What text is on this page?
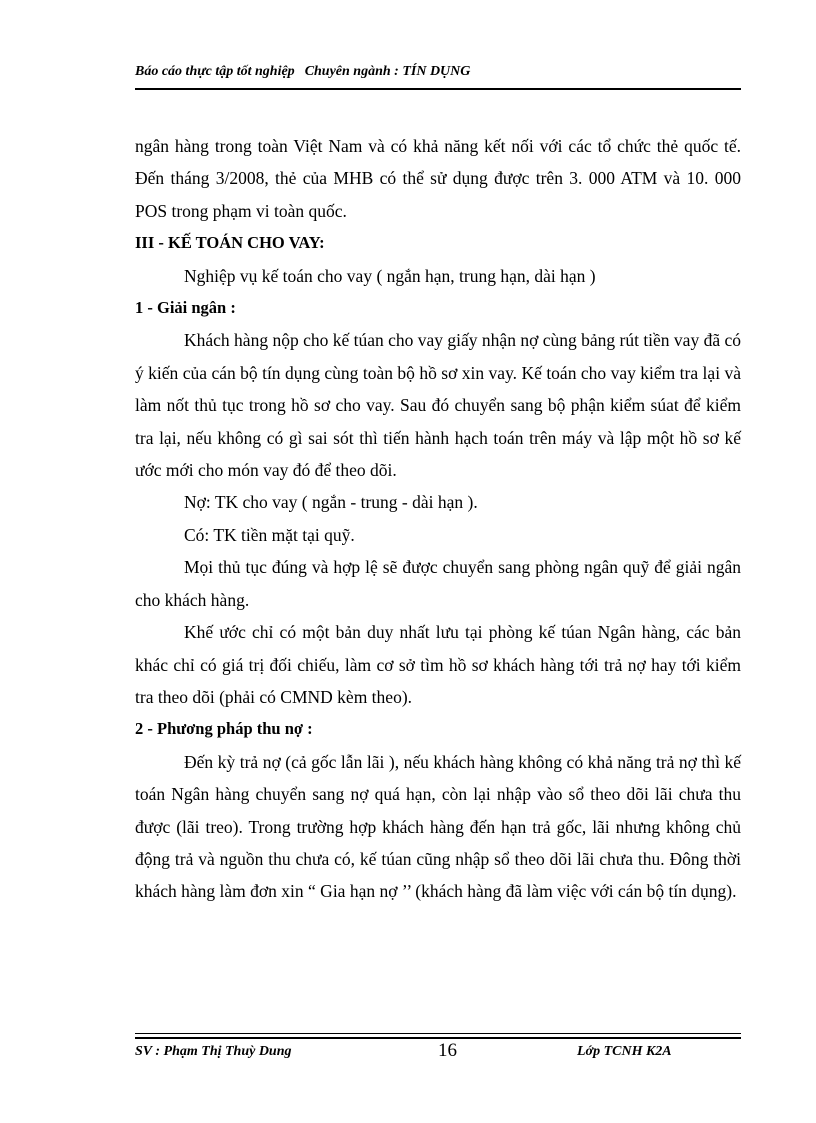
Báo cáo thực tập tốt nghiệp Chuyên ngành : TÍN DỤNG

ngân hàng trong toàn Việt Nam và có khả năng kết nối với các tổ chức thẻ quốc tế. Đến tháng 3/2008, thẻ của MHB có thể sử dụng được trên 3. 000 ATM và 10. 000 POS trong phạm vi toàn quốc.

III - KẾ TOÁN CHO VAY:

Nghiệp vụ kế toán cho vay ( ngắn hạn, trung hạn, dài hạn )

1 - Giải ngân :

Khách hàng nộp cho kế túan cho vay giấy nhận nợ cùng bảng rút tiền vay đã có ý kiến của cán bộ tín dụng cùng toàn bộ hồ sơ xin vay. Kế toán cho vay kiểm tra lại và làm nốt thủ tục trong hồ sơ cho vay. Sau đó chuyển sang bộ phận kiểm súat để kiểm tra lại, nếu không có gì sai sót thì tiến hành hạch toán trên máy và lập một hồ sơ kế ước mới cho món vay đó để theo dõi.

Nợ: TK cho vay ( ngắn - trung - dài hạn ).

Có: TK tiền mặt tại quỹ.

Mọi thủ tục đúng và hợp lệ sẽ được chuyển sang phòng ngân quỹ để giải ngân cho khách hàng.

Khế ước chỉ có một bản duy nhất lưu tại phòng kế túan Ngân hàng, các bản khác chỉ có giá trị đối chiếu, làm cơ sở tìm hồ sơ khách hàng tới trả nợ hay tới kiểm tra theo dõi (phải có CMND kèm theo).

2 - Phương pháp thu nợ :

Đến kỳ trả nợ (cả gốc lẫn lãi ), nếu khách hàng không có khả năng trả nợ thì kế toán Ngân hàng chuyển sang nợ quá hạn, còn lại nhập vào sổ theo dõi lãi chưa thu được (lãi treo). Trong trường hợp khách hàng đến hạn trả gốc, lãi nhưng không chủ động trả và nguồn thu chưa có, kế túan cũng nhập sổ theo dõi lãi chưa thu. Đông thời khách hàng làm đơn xin “ Gia hạn nợ ’’ (khách hàng đã làm việc với cán bộ tín dụng).

SV : Phạm Thị Thuỳ Dung	16	Lớp TCNH K2A
